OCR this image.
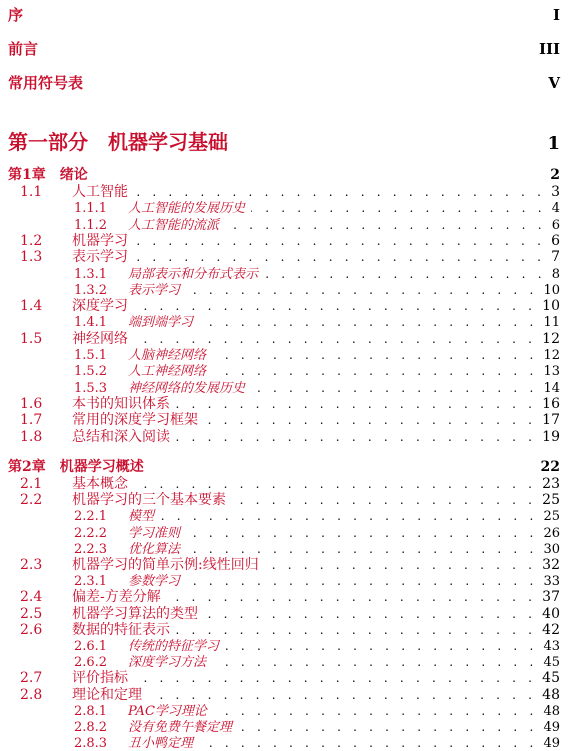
序	I
前言	III
常用符号表	V
第一部分　机器学习基础	1
第1章　绪论	2
1.1	人工智能 . . .	3
1.1.1 人工智能的发展历史 . . .	4
1.1.2 人工智能的流派 . . .	6
1.2	机器学习 . . .	6
1.3	表示学习 . . .	7
1.3.1 局部表示和分布式表示 . . .	8
1.3.2 表示学习 . . .	10
1.4	深度学习 . . .	10
1.4.1 端到端学习 . . .	11
1.5	神经网络 . . .	12
1.5.1 人脑神经网络 . . .	12
1.5.2 人工神经网络 . . .	13
1.5.3 神经网络的发展历史 . . .	14
1.6	本书的知识体系 . . .	16
1.7	常用的深度学习框架 . . .	17
1.8	总结和深入阅读 . . .	19
第2章　机器学习概述	22
2.1	基本概念 . . .	23
2.2	机器学习的三个基本要素 . . .	25
2.2.1 模型 . . .	25
2.2.2 学习准则 . . .	26
2.2.3 优化算法 . . .	30
2.3	机器学习的简单示例:线性回归 . . .	32
2.3.1 参数学习 . . .	33
2.4	偏差-方差分解 . . .	37
2.5	机器学习算法的类型 . . .	40
2.6	数据的特征表示 . . .	42
2.6.1 传统的特征学习 . . .	43
2.6.2 深度学习方法 . . .	45
2.7	评价指标 . . .	45
2.8	理论和定理 . . .	48
2.8.1 PAC学习理论 . . .	48
2.8.2 没有免费午餐定理 . . .	49
2.8.3 丑小鸭定理 . . .	49
